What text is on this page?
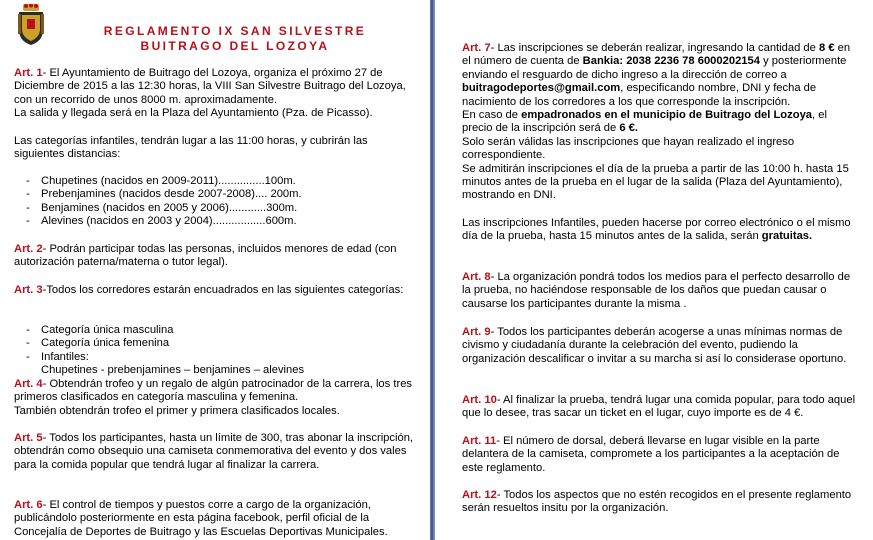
REGLAMENTO IX SAN SILVESTRE
BUITRAGO DEL LOZOYA

Art. 1- El Ayuntamiento de Buitrago del Lozoya, organiza el próximo 27 de Diciembre de 2015 a las 12:30 horas, la VIII San Silvestre Buitrago del Lozoya, con un recorrido de unos 8000 m. aproximadamente.

La salida y llegada será en la Plaza del Ayuntamiento (Pza. de Picasso).

Las categorías infantiles, tendrán lugar a las 11:00 horas, y cubrirán las siguientes distancias:
- Chupetines (nacidos en 2009-2011)...............100m.
- Prebenjamines (nacidos desde 2007-2008).... 200m.
- Benjamines (nacidos en 2005 y 2006)............300m.
- Alevines (nacidos en 2003 y 2004).................600m.
Art. 2- Podrán participar todas las personas, incluidos menores de edad (con autorización paterna/materna o tutor legal).
Art. 3-Todos los corredores estarán encuadrados en las siguientes categorías:
- Categoría única masculina
- Categoría única femenina
- Infantiles:
Chupetines - prebenjamines – benjamines – alevines

Art. 4- Obtendrán trofeo y un regalo de algún patrocinador de la carrera, los tres primeros clasificados en categoría masculina y femenina.

También obtendrán trofeo el primer y primera clasificados locales.

Art. 5- Todos los participantes, hasta un límite de 300, tras abonar la inscripción, obtendrán como obsequio una camiseta conmemorativa del evento y dos vales para la comida popular que tendrá lugar al finalizar la carrera.
Art. 6- El control de tiempos y puestos corre a cargo de la organización, publicándolo posteriormente en esta página facebook, perfil oficial de la Concejalía de Deportes de Buitrago y las Escuelas Deportivas Municipales.

Art. 7- Las inscripciones se deberán realizar, ingresando la cantidad de 8 € en el número de cuenta de Bankia: 2038 2236 78 6000202154 y posteriormente enviando el resguardo de dicho ingreso a la dirección de correo a buitragodeportes@gmail.com, especificando nombre, DNI y fecha de nacimiento de los corredores a los que corresponde la inscripción.

En caso de empadronados en el municipio de Buitrago del Lozoya, el precio de la inscripción será de 6 €.

Solo serán válidas las inscripciones que hayan realizado el ingreso correspondiente.

Se admitirán inscripciones el día de la prueba a partir de las 10:00 h. hasta 15 minutos antes de la prueba en el lugar de la salida (Plaza del Ayuntamiento), mostrando en DNI.

Las inscripciones Infantiles, pueden hacerse por correo electrónico o el mismo día de la prueba, hasta 15 minutos antes de la salida, serán gratuitas.
Art. 8- La organización pondrá todos los medios para el perfecto desarrollo de la prueba, no haciéndose responsable de los daños que puedan causar o causarse los participantes durante la misma .
Art. 9- Todos los participantes deberán acogerse a unas mínimas normas de civismo y ciudadanía durante la celebración del evento, pudiendo la organización descalificar o invitar a su marcha si así lo considerase oportuno.
Art. 10- Al finalizar la prueba, tendrá lugar una comida popular, para todo aquel que lo desee, tras sacar un ticket en el lugar, cuyo importe es de 4 €.
Art. 11- El número de dorsal, deberá llevarse en lugar visible en la parte delantera de la camiseta, compromete a los participantes a la aceptación de este reglamento.
Art. 12- Todos los aspectos que no estén recogidos en el presente reglamento serán resueltos insitu por la organización.
